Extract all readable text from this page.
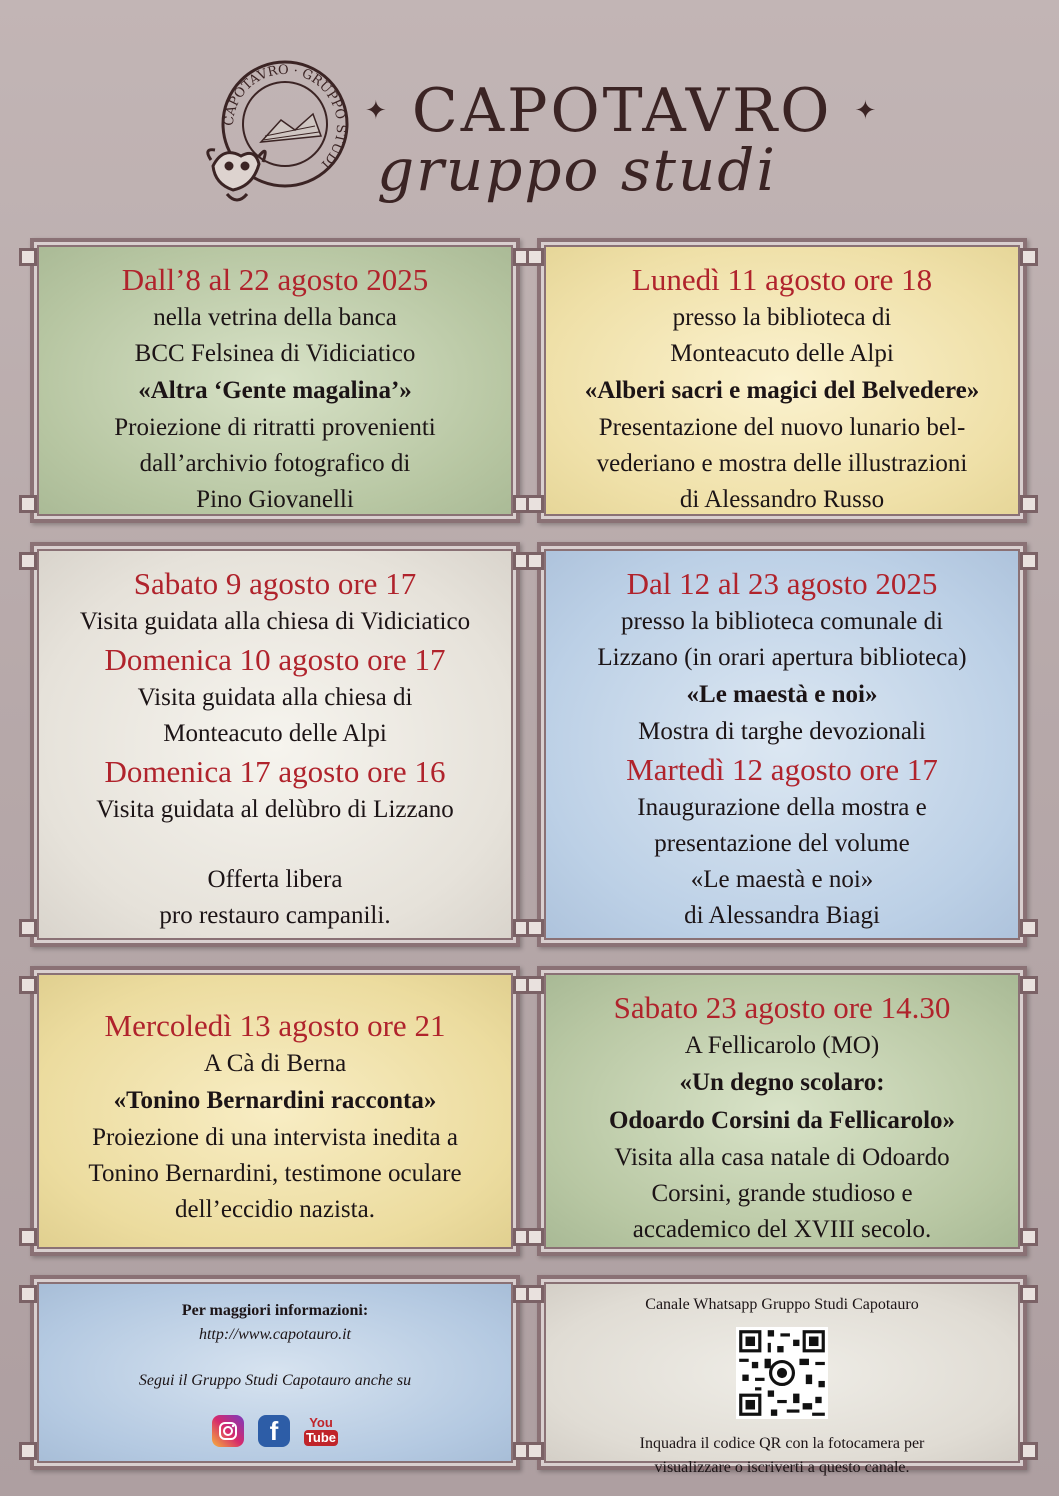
CAPOTAVRO · GRUPPO STUDI
✦ CAPOTAVRO ✦
gruppo studi
Dall’8 al 22 agosto 2025
nella vetrina della banca
BCC Felsinea di Vidiciatico
«Altra ‘Gente magalina’»
Proiezione di ritratti provenienti
dall’archivio fotografico di
Pino Giovanelli
Lunedì 11 agosto ore 18
presso la biblioteca di
Monteacuto delle Alpi
«Alberi sacri e magici del Belvedere»
Presentazione del nuovo lunario bel-
vederiano e mostra delle illustrazioni
di Alessandro Russo
Sabato 9 agosto ore 17
Visita guidata alla chiesa di Vidiciatico
Domenica 10 agosto ore 17
Visita guidata alla chiesa di
Monteacuto delle Alpi
Domenica 17 agosto ore 16
Visita guidata al delùbro di Lizzano
Offerta libera
pro restauro campanili.
Dal 12 al 23 agosto 2025
presso la biblioteca comunale di
Lizzano (in orari apertura biblioteca)
«Le maestà e noi»
Mostra di targhe devozionali
Martedì 12 agosto ore 17
Inaugurazione della mostra e
presentazione del volume
«Le maestà e noi»
di Alessandra Biagi
Mercoledì 13 agosto ore 21
A Cà di Berna
«Tonino Bernardini racconta»
Proiezione di una intervista inedita a
Tonino Bernardini, testimone oculare
dell’eccidio nazista.
Sabato 23 agosto ore 14.30
A Fellicarolo (MO)
«Un degno scolaro:
Odoardo Corsini da Fellicarolo»
Visita alla casa natale di Odoardo
Corsini, grande studioso e
accademico del XVIII secolo.
Per maggiori informazioni:
http://www.capotauro.it
Segui il Gruppo Studi Capotauro anche su
f You
Tube
Canale Whatsapp Gruppo Studi Capotauro
Inquadra il codice QR con la fotocamera per
visualizzare o iscriverti a questo canale.
